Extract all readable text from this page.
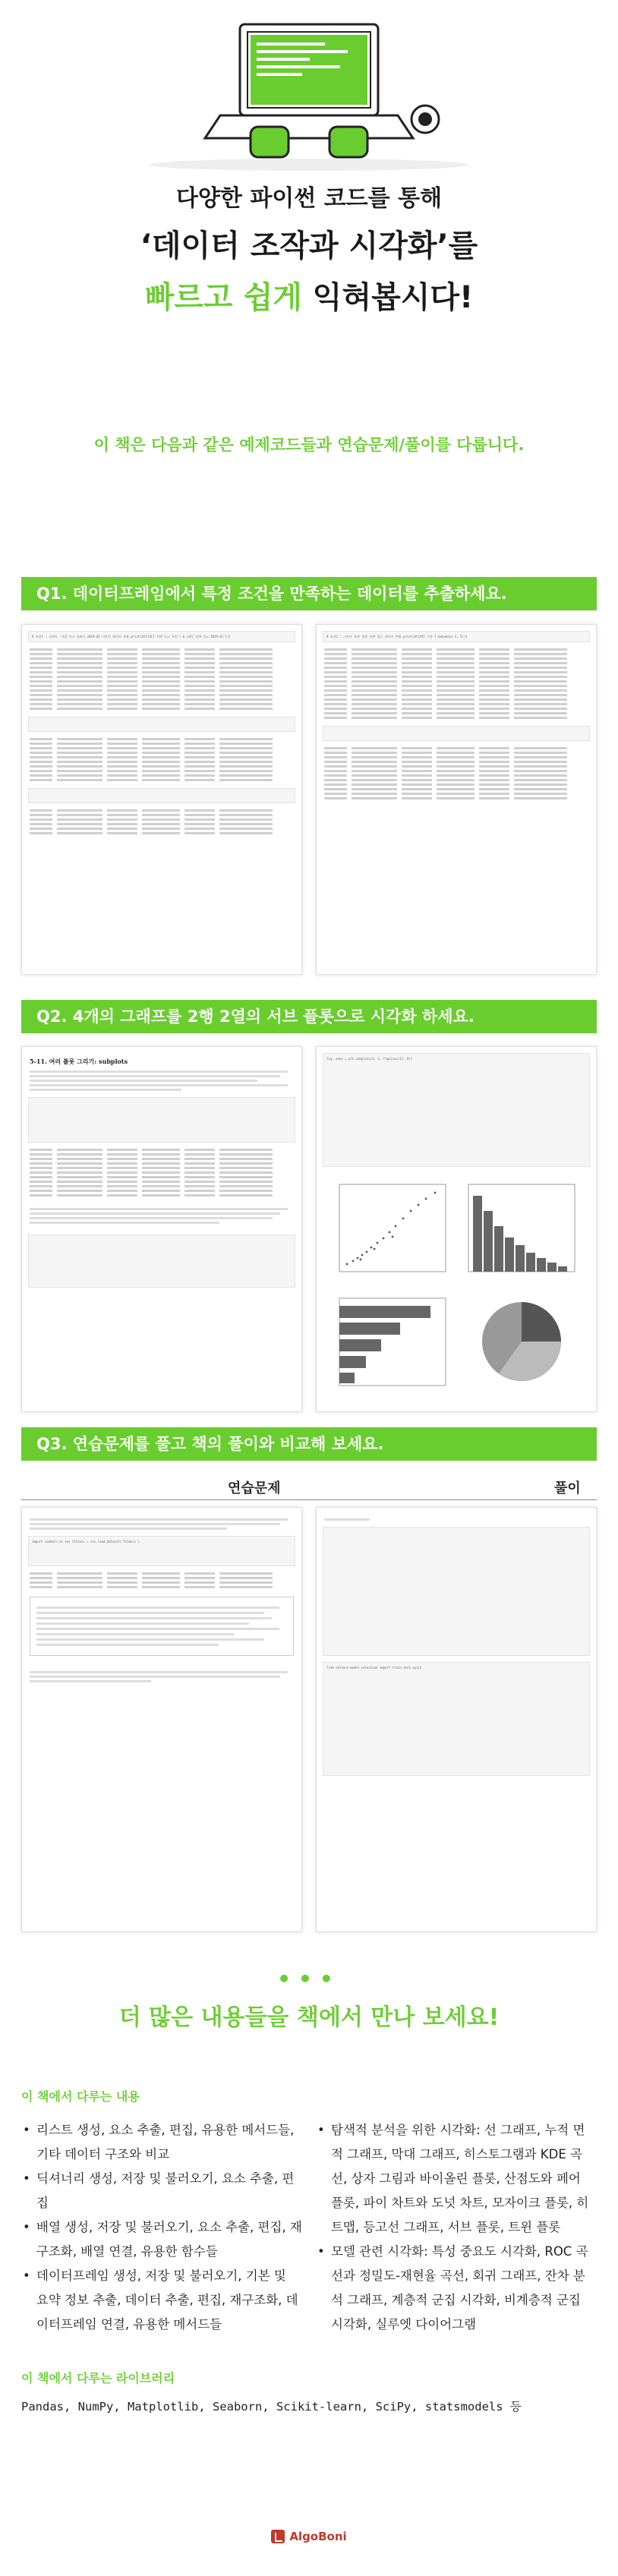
다양한 파이썬 코드를 통해
‘데이터 조작과 시각화’를
빠르고 쉽게 익혀봅시다!
이 책은 다음과 같은 예제코드들과 연습문제/풀이를 다룹니다.
Q1. 데이터프레임에서 특정 조건을 만족하는 데이터를 추출하세요.
# 조건1 : 지역이 '서울'이고 날짜가 2019-01 이후인 데이터 추출 print(df[(df['지역']=='서울') & (df['날짜']>='2019-01')])	# 조건2 : 기온이 특정 범위 안에 있는 데이터 추출 print(df[df['기온'].between(-5, 5)])
Q2. 4개의 그래프를 2행 2열의 서브 플롯으로 시각화 하세요.
5-11. 여러 플롯 그리기: subplots	fig, axes = plt.subplots(2, 2, figsize=(12, 8))
Q3. 연습문제를 풀고 책의 풀이와 비교해 보세요.
연습문제	풀이
import seaborn as sns titanic = sns.load_dataset('titanic')
from sklearn.model_selection import train_test_split
•••
더 많은 내용들을 책에서 만나 보세요!
이 책에서 다루는 내용
• 리스트 생성, 요소 추출, 편집, 유용한 메서드들, 기타 데이터 구조와 비교
• 딕셔너리 생성, 저장 및 불러오기, 요소 추출, 편집
• 배열 생성, 저장 및 불러오기, 요소 추출, 편집, 재구조화, 배열 연결, 유용한 함수들
• 데이터프레임 생성, 저장 및 불러오기, 기본 및 요약 정보 추출, 데이터 추출, 편집, 재구조화, 데이터프레임 연결, 유용한 메서드들
• 탐색적 분석을 위한 시각화: 선 그래프, 누적 면적 그래프, 막대 그래프, 히스토그램과 KDE 곡선, 상자 그림과 바이올린 플롯, 산점도와 페어 플롯, 파이 차트와 도넛 차트, 모자이크 플롯, 히트맵, 등고선 그래프, 서브 플롯, 트윈 플롯
• 모델 관련 시각화: 특성 중요도 시각화, ROC 곡선과 정밀도-재현율 곡선, 회귀 그래프, 잔차 분석 그래프, 계층적 군집 시각화, 비계층적 군집 시각화, 실루엣 다이어그램
이 책에서 다루는 라이브러리
Pandas, NumPy, Matplotlib, Seaborn, Scikit-learn, SciPy, statsmodels 등
AlgoBoni
